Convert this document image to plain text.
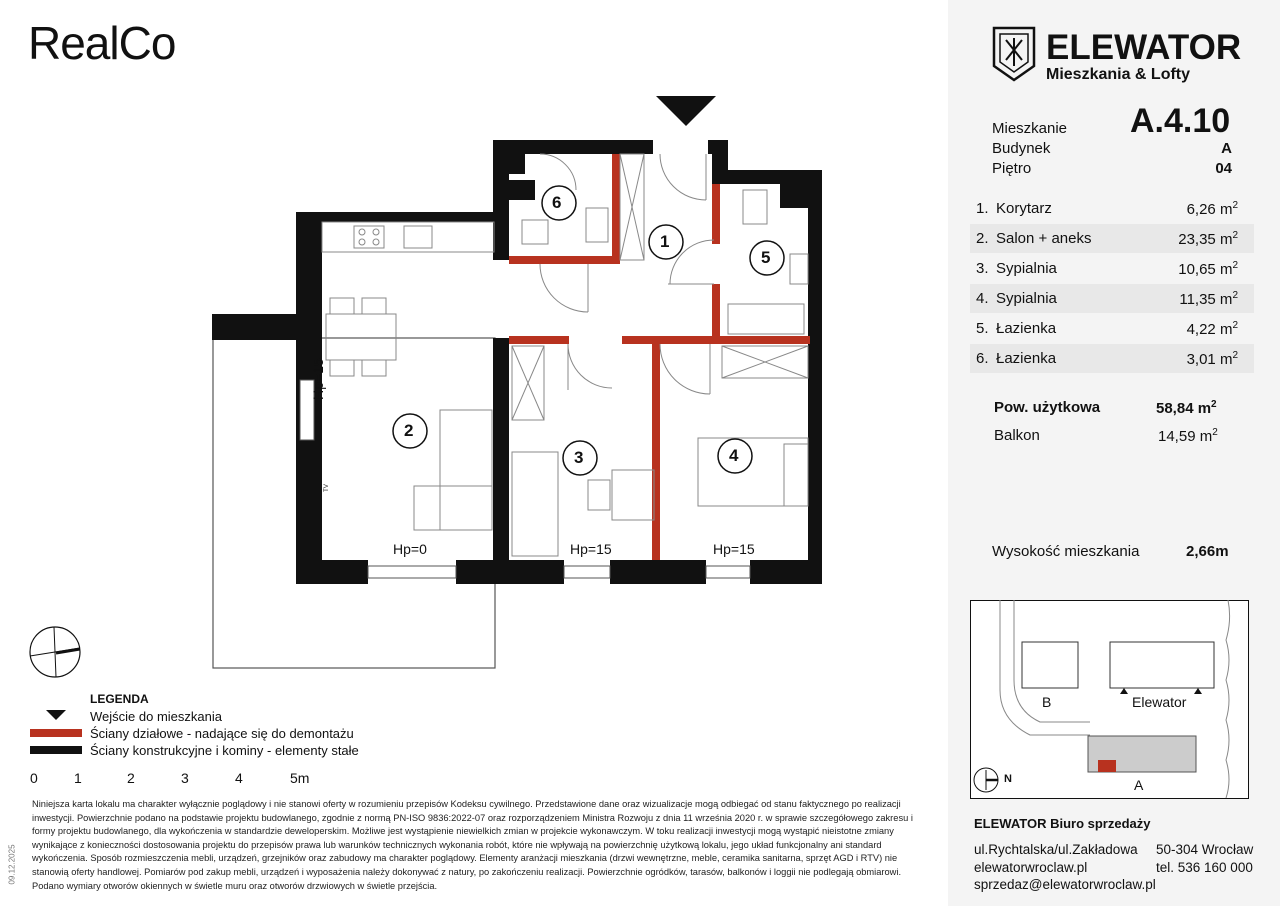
RealCo
6
1
5
2
3	4
Hp=15
Hp=0	Hp=15	Hp=15
TV
LEGENDA
Wejście do mieszkania
Ściany działowe - nadające się do demontażu
Ściany konstrukcyjne i kominy - elementy stałe
0	1	2	3	4	5m
Niniejsza karta lokalu ma charakter wyłącznie poglądowy i nie stanowi oferty w rozumieniu przepisów Kodeksu cywilnego. Przedstawione dane oraz wizualizacje mogą odbiegać od stanu faktycznego po realizacji inwestycji. Powierzchnie podano na podstawie projektu budowlanego, zgodnie z normą PN-ISO 9836:2022-07 oraz rozporządzeniem Ministra Rozwoju z dnia 11 września 2020 r. w sprawie szczegółowego zakresu i formy projektu budowlanego, dla wykończenia w standardzie deweloperskim. Możliwe jest wystąpienie niewielkich zmian w projekcie wykonawczym. W toku realizacji inwestycji mogą wystąpić nieistotne zmiany wynikające z konieczności dostosowania projektu do przepisów prawa lub warunków technicznych wykonania robót, które nie wpływają na powierzchnię użytkową lokalu, jego układ funkcjonalny ani standard wykończenia. Sposób rozmieszczenia mebli, urządzeń, grzejników oraz zabudowy ma charakter poglądowy. Elementy aranżacji mieszkania (drzwi wewnętrzne, meble, ceramika sanitarna, sprzęt AGD i RTV) nie stanowią oferty handlowej. Pomiarów pod zakup mebli, urządzeń i wyposażenia należy dokonywać z natury, po zakończeniu realizacji. Powierzchnie ogródków, tarasów, balkonów i loggii nie podlegają obmiarowi. Podano wymiary otworów okiennych w świetle muru oraz otworów drzwiowych w świetle przejścia.
09.12.2025
ELEWATOR
Mieszkania & Lofty
Mieszkanie A.4.10
Budynek	A
Piętro	04
1. Korytarz	6,26 $m^2$
2. Salon + aneks	23,35 $m^2$
3. Sypialnia	10,65 $m^2$
4. Sypialnia	11,35 $m^2$
5. Łazienka	4,22 $m^2$
6. Łazienka	3,01 $m^2$
Pow. użytkowa	58,84 $m^2$
Balkon	14,59 $m^2$
Wysokość mieszkania	2,66m
B	Elewator
A
N
ELEWATOR Biuro sprzedaży
ul.Rychtalska/ul.Zakładowa 50-304 Wrocław
elewatorwroclaw.pl	tel. 536 160 000
sprzedaz@elewatorwroclaw.pl
